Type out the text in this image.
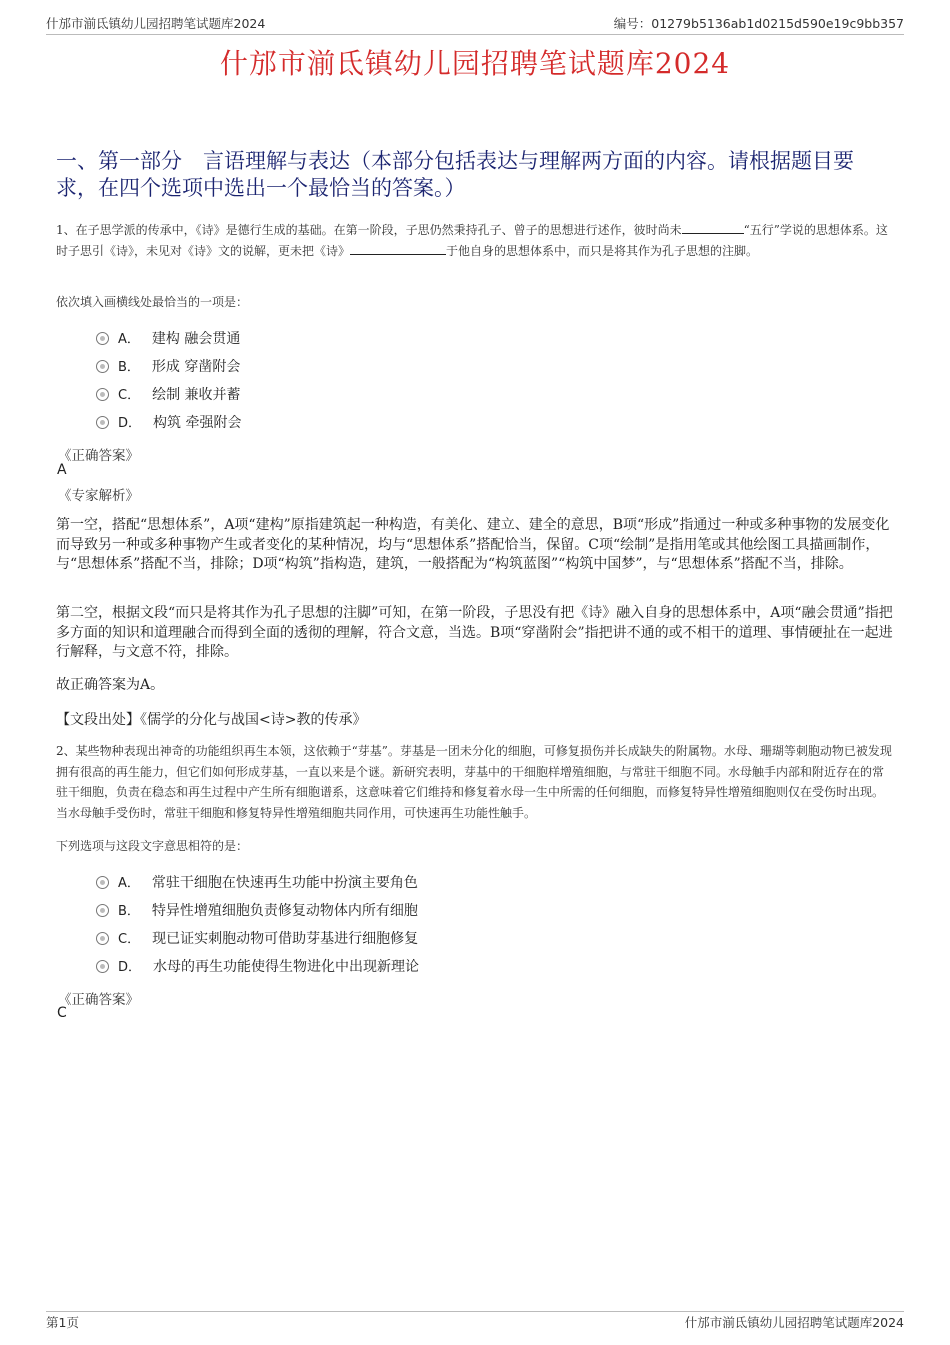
什邡市湔氐镇幼儿园招聘笔试题库2024	编号：01279b5136ab1d0215d590e19c9bb357
什邡市湔氐镇幼儿园招聘笔试题库2024
一、第一部分　言语理解与表达（本部分包括表达与理解两方面的内容。请根据题目要求，在四个选项中选出一个最恰当的答案。）
1、在子思学派的传承中，《诗》是德行生成的基础。在第一阶段，子思仍然秉持孔子、曾子的思想进行述作，彼时尚未	“五行”学说的思想体系。这时子思引《诗》，未见对《诗》文的说解，更未把《诗》	于他自身的思想体系中，而只是将其作为孔子思想的注脚。
依次填入画横线处最恰当的一项是：
A． 建构 融会贯通
B． 形成 穿凿附会
C． 绘制 兼收并蓄
D． 构筑 牵强附会
《正确答案》
A
《专家解析》
第一空，搭配“思想体系”，A项“建构”原指建筑起一种构造，有美化、建立、建全的意思，B项“形成”指通过一种或多种事物的发展变化而导致另一种或多种事物产生或者变化的某种情况，均与“思想体系”搭配恰当，保留。C项“绘制”是指用笔或其他绘图工具描画制作，与“思想体系”搭配不当，排除；D项“构筑”指构造，建筑，一般搭配为“构筑蓝图”“构筑中国梦”，与“思想体系”搭配不当，排除。
第二空，根据文段“而只是将其作为孔子思想的注脚”可知，在第一阶段，子思没有把《诗》融入自身的思想体系中，A项“融会贯通”指把多方面的知识和道理融合而得到全面的透彻的理解，符合文意，当选。B项“穿凿附会”指把讲不通的或不相干的道理、事情硬扯在一起进行解释，与文意不符，排除。
故正确答案为A。
【文段出处】《儒学的分化与战国<诗>教的传承》
2、某些物种表现出神奇的功能组织再生本领，这依赖于“芽基”。芽基是一团未分化的细胞，可修复损伤并长成缺失的附属物。水母、珊瑚等刺胞动物已被发现拥有很高的再生能力，但它们如何形成芽基，一直以来是个谜。新研究表明，芽基中的干细胞样增殖细胞，与常驻干细胞不同。水母触手内部和附近存在的常驻干细胞，负责在稳态和再生过程中产生所有细胞谱系，这意味着它们维持和修复着水母一生中所需的任何细胞，而修复特异性增殖细胞则仅在受伤时出现。当水母触手受伤时，常驻干细胞和修复特异性增殖细胞共同作用，可快速再生功能性触手。
下列选项与这段文字意思相符的是：
A． 常驻干细胞在快速再生功能中扮演主要角色
B． 特异性增殖细胞负责修复动物体内所有细胞
C． 现已证实刺胞动物可借助芽基进行细胞修复
D． 水母的再生功能使得生物进化中出现新理论
《正确答案》
C
第1页	什邡市湔氐镇幼儿园招聘笔试题库2024
